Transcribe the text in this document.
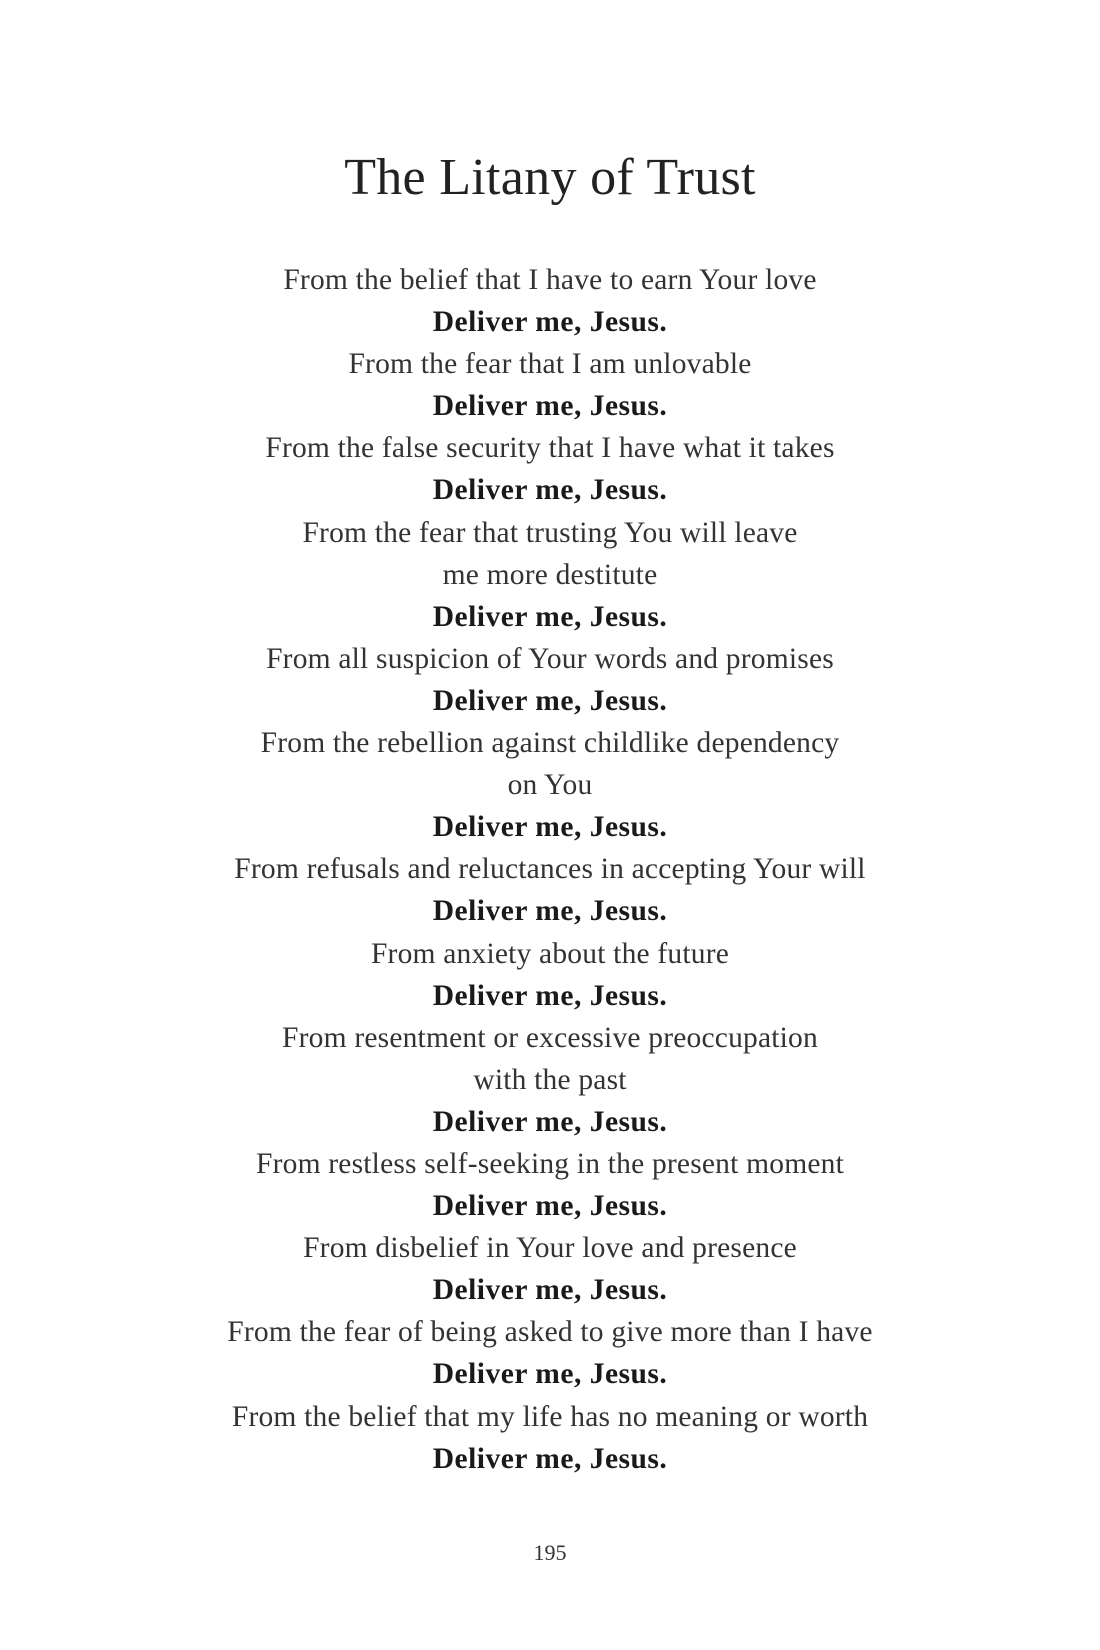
The Litany of Trust
From the belief that I have to earn Your love
Deliver me, Jesus.
From the fear that I am unlovable
Deliver me, Jesus.
From the false security that I have what it takes
Deliver me, Jesus.
From the fear that trusting You will leave
me more destitute
Deliver me, Jesus.
From all suspicion of Your words and promises
Deliver me, Jesus.
From the rebellion against childlike dependency
on You
Deliver me, Jesus.
From refusals and reluctances in accepting Your will
Deliver me, Jesus.
From anxiety about the future
Deliver me, Jesus.
From resentment or excessive preoccupation
with the past
Deliver me, Jesus.
From restless self-seeking in the present moment
Deliver me, Jesus.
From disbelief in Your love and presence
Deliver me, Jesus.
From the fear of being asked to give more than I have
Deliver me, Jesus.
From the belief that my life has no meaning or worth
Deliver me, Jesus.
195
